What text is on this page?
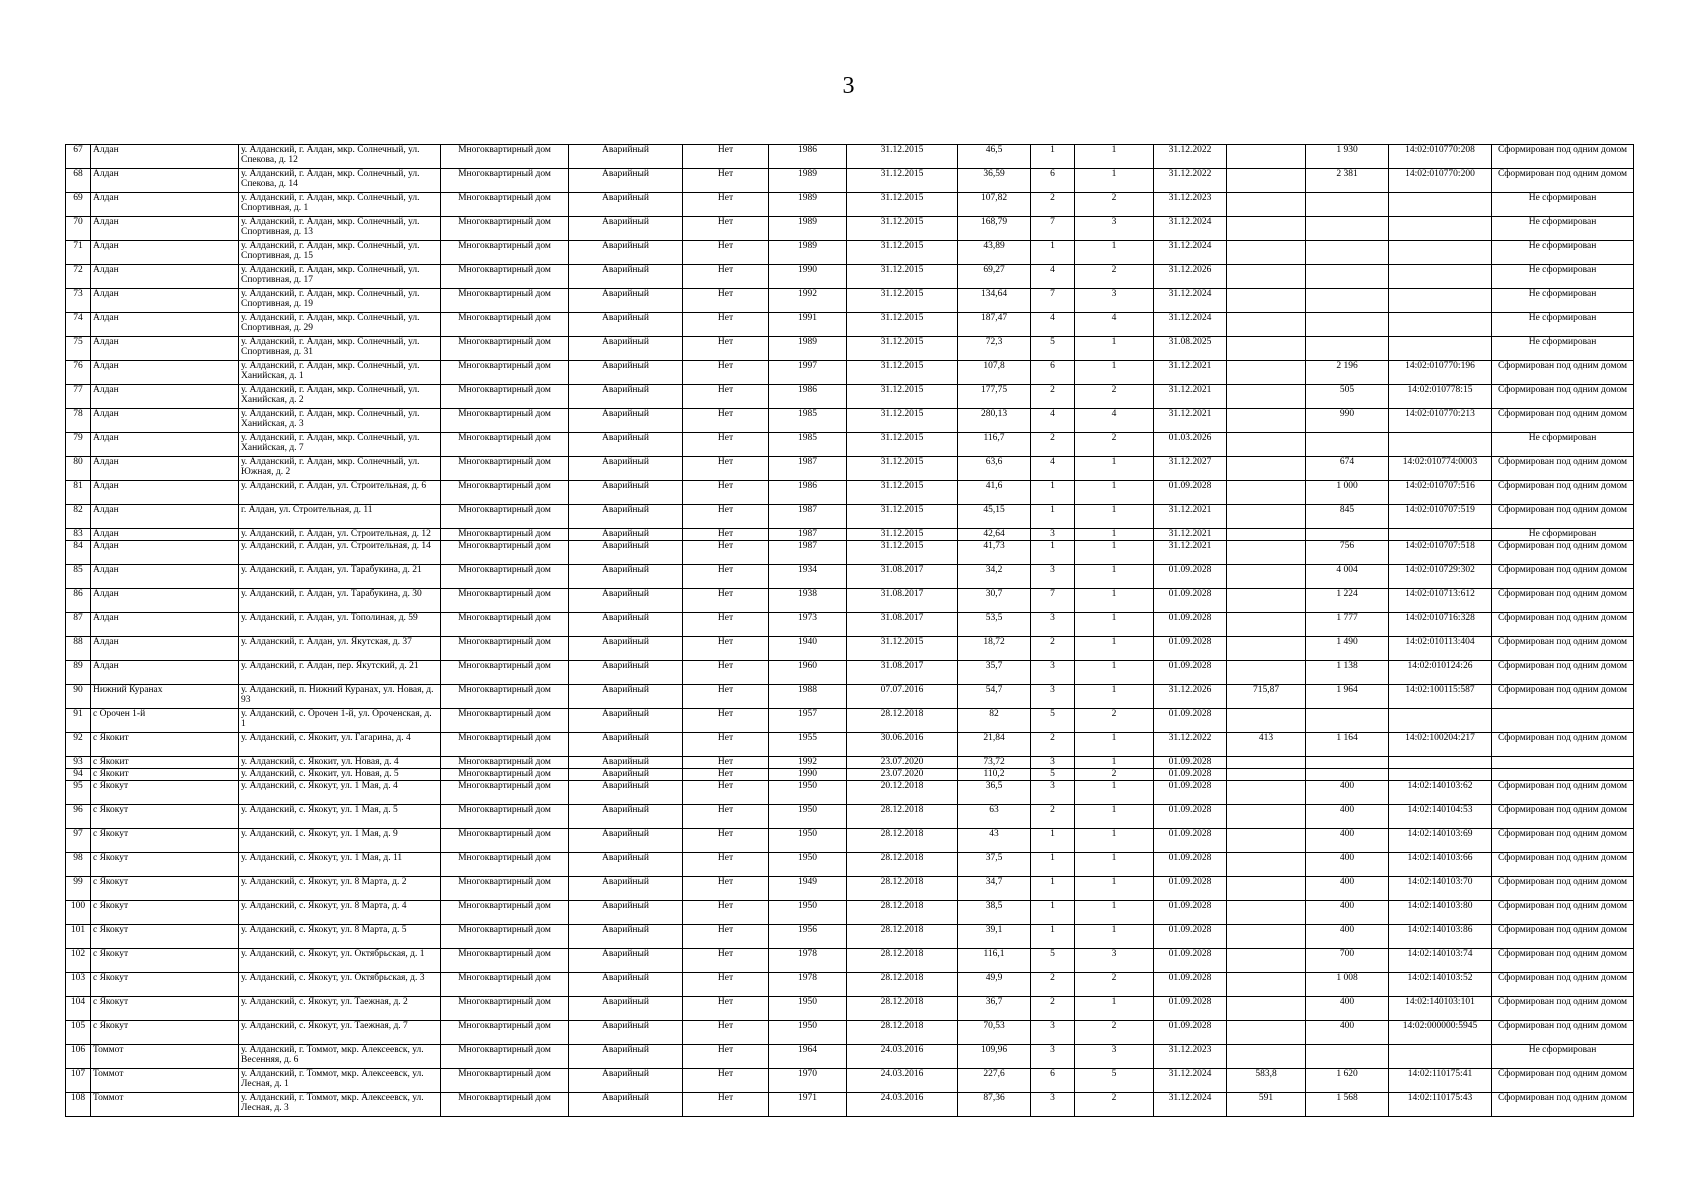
3
67	Алдан	у. Алданский, г. Алдан, мкр. Солнечный, ул. Спекова, д. 12	Многоквартирный дом	Аварийный	Нет	1986	31.12.2015	46,5	1	1	31.12.2022		1 930	14:02:010770:208	Сформирован под одним домом
68	Алдан	у. Алданский, г. Алдан, мкр. Солнечный, ул. Спекова, д. 14	Многоквартирный дом	Аварийный	Нет	1989	31.12.2015	36,59	6	1	31.12.2022		2 381	14:02:010770:200	Сформирован под одним домом
69	Алдан	у. Алданский, г. Алдан, мкр. Солнечный, ул. Спортивная, д. 1	Многоквартирный дом	Аварийный	Нет	1989	31.12.2015	107,82	2	2	31.12.2023				Не сформирован
70	Алдан	у. Алданский, г. Алдан, мкр. Солнечный, ул. Спортивная, д. 13	Многоквартирный дом	Аварийный	Нет	1989	31.12.2015	168,79	7	3	31.12.2024				Не сформирован
71	Алдан	у. Алданский, г. Алдан, мкр. Солнечный, ул. Спортивная, д. 15	Многоквартирный дом	Аварийный	Нет	1989	31.12.2015	43,89	1	1	31.12.2024				Не сформирован
72	Алдан	у. Алданский, г. Алдан, мкр. Солнечный, ул. Спортивная, д. 17	Многоквартирный дом	Аварийный	Нет	1990	31.12.2015	69,27	4	2	31.12.2026				Не сформирован
73	Алдан	у. Алданский, г. Алдан, мкр. Солнечный, ул. Спортивная, д. 19	Многоквартирный дом	Аварийный	Нет	1992	31.12.2015	134,64	7	3	31.12.2024				Не сформирован
74	Алдан	у. Алданский, г. Алдан, мкр. Солнечный, ул. Спортивная, д. 29	Многоквартирный дом	Аварийный	Нет	1991	31.12.2015	187,47	4	4	31.12.2024				Не сформирован
75	Алдан	у. Алданский, г. Алдан, мкр. Солнечный, ул. Спортивная, д. 31	Многоквартирный дом	Аварийный	Нет	1989	31.12.2015	72,3	5	1	31.08.2025				Не сформирован
76	Алдан	у. Алданский, г. Алдан, мкр. Солнечный, ул. Ханийская, д. 1	Многоквартирный дом	Аварийный	Нет	1997	31.12.2015	107,8	6	1	31.12.2021		2 196	14:02:010770:196	Сформирован под одним домом
77	Алдан	у. Алданский, г. Алдан, мкр. Солнечный, ул. Ханийская, д. 2	Многоквартирный дом	Аварийный	Нет	1986	31.12.2015	177,75	2	2	31.12.2021		505	14:02:010778:15	Сформирован под одним домом
78	Алдан	у. Алданский, г. Алдан, мкр. Солнечный, ул. Ханийская, д. 3	Многоквартирный дом	Аварийный	Нет	1985	31.12.2015	280,13	4	4	31.12.2021		990	14:02:010770:213	Сформирован под одним домом
79	Алдан	у. Алданский, г. Алдан, мкр. Солнечный, ул. Ханийская, д. 7	Многоквартирный дом	Аварийный	Нет	1985	31.12.2015	116,7	2	2	01.03.2026				Не сформирован
80	Алдан	у. Алданский, г. Алдан, мкр. Солнечный, ул. Южная, д. 2	Многоквартирный дом	Аварийный	Нет	1987	31.12.2015	63,6	4	1	31.12.2027		674	14:02:010774:0003	Сформирован под одним домом
81	Алдан	у. Алданский, г. Алдан, ул. Строительная, д. 6	Многоквартирный дом	Аварийный	Нет	1986	31.12.2015	41,6	1	1	01.09.2028		1 000	14:02:010707:516	Сформирован под одним домом
82	Алдан	г. Алдан, ул. Строительная, д. 11	Многоквартирный дом	Аварийный	Нет	1987	31.12.2015	45,15	1	1	31.12.2021		845	14:02:010707:519	Сформирован под одним домом
83	Алдан	у. Алданский, г. Алдан, ул. Строительная, д. 12	Многоквартирный дом	Аварийный	Нет	1987	31.12.2015	42,64	3	1	31.12.2021				Не сформирован
84	Алдан	у. Алданский, г. Алдан, ул. Строительная, д. 14	Многоквартирный дом	Аварийный	Нет	1987	31.12.2015	41,73	1	1	31.12.2021		756	14:02:010707:518	Сформирован под одним домом
85	Алдан	у. Алданский, г. Алдан, ул. Тарабукина, д. 21	Многоквартирный дом	Аварийный	Нет	1934	31.08.2017	34,2	3	1	01.09.2028		4 004	14:02:010729:302	Сформирован под одним домом
86	Алдан	у. Алданский, г. Алдан, ул. Тарабукина, д. 30	Многоквартирный дом	Аварийный	Нет	1938	31.08.2017	30,7	7	1	01.09.2028		1 224	14:02:010713:612	Сформирован под одним домом
87	Алдан	у. Алданский, г. Алдан, ул. Тополиная, д. 59	Многоквартирный дом	Аварийный	Нет	1973	31.08.2017	53,5	3	1	01.09.2028		1 777	14:02:010716:328	Сформирован под одним домом
88	Алдан	у. Алданский, г. Алдан, ул. Якутская, д. 37	Многоквартирный дом	Аварийный	Нет	1940	31.12.2015	18,72	2	1	01.09.2028		1 490	14:02:010113:404	Сформирован под одним домом
89	Алдан	у. Алданский, г. Алдан, пер. Якутский, д. 21	Многоквартирный дом	Аварийный	Нет	1960	31.08.2017	35,7	3	1	01.09.2028		1 138	14:02:010124:26	Сформирован под одним домом
90	Нижний Куранах	у. Алданский, п. Нижний Куранах, ул. Новая, д. 93	Многоквартирный дом	Аварийный	Нет	1988	07.07.2016	54,7	3	1	31.12.2026	715,87	1 964	14:02:100115:587	Сформирован под одним домом
91	с Орочен 1-й	у. Алданский, с. Орочен 1-й, ул. Ороченская, д. 1	Многоквартирный дом	Аварийный	Нет	1957	28.12.2018	82	5	2	01.09.2028				
92	с Якокит	у. Алданский, с. Якокит, ул. Гагарина, д. 4	Многоквартирный дом	Аварийный	Нет	1955	30.06.2016	21,84	2	1	31.12.2022	413	1 164	14:02:100204:217	Сформирован под одним домом
93	с Якокит	у. Алданский, с. Якокит, ул. Новая, д. 4	Многоквартирный дом	Аварийный	Нет	1992	23.07.2020	73,72	3	1	01.09.2028				
94	с Якокит	у. Алданский, с. Якокит, ул. Новая, д. 5	Многоквартирный дом	Аварийный	Нет	1990	23.07.2020	110,2	5	2	01.09.2028				
95	с Якокут	у. Алданский, с. Якокут, ул. 1 Мая, д. 4	Многоквартирный дом	Аварийный	Нет	1950	20.12.2018	36,5	3	1	01.09.2028		400	14:02:140103:62	Сформирован под одним домом
96	с Якокут	у. Алданский, с. Якокут, ул. 1 Мая, д. 5	Многоквартирный дом	Аварийный	Нет	1950	28.12.2018	63	2	1	01.09.2028		400	14:02:140104:53	Сформирован под одним домом
97	с Якокут	у. Алданский, с. Якокут, ул. 1 Мая, д. 9	Многоквартирный дом	Аварийный	Нет	1950	28.12.2018	43	1	1	01.09.2028		400	14:02:140103:69	Сформирован под одним домом
98	с Якокут	у. Алданский, с. Якокут, ул. 1 Мая, д. 11	Многоквартирный дом	Аварийный	Нет	1950	28.12.2018	37,5	1	1	01.09.2028		400	14:02:140103:66	Сформирован под одним домом
99	с Якокут	у. Алданский, с. Якокут, ул. 8 Марта, д. 2	Многоквартирный дом	Аварийный	Нет	1949	28.12.2018	34,7	1	1	01.09.2028		400	14:02:140103:70	Сформирован под одним домом
100	с Якокут	у. Алданский, с. Якокут, ул. 8 Марта, д. 4	Многоквартирный дом	Аварийный	Нет	1950	28.12.2018	38,5	1	1	01.09.2028		400	14:02:140103:80	Сформирован под одним домом
101	с Якокут	у. Алданский, с. Якокут, ул. 8 Марта, д. 5	Многоквартирный дом	Аварийный	Нет	1956	28.12.2018	39,1	1	1	01.09.2028		400	14:02:140103:86	Сформирован под одним домом
102	с Якокут	у. Алданский, с. Якокут, ул. Октябрьская, д. 1	Многоквартирный дом	Аварийный	Нет	1978	28.12.2018	116,1	5	3	01.09.2028		700	14:02:140103:74	Сформирован под одним домом
103	с Якокут	у. Алданский, с. Якокут, ул. Октябрьская, д. 3	Многоквартирный дом	Аварийный	Нет	1978	28.12.2018	49,9	2	2	01.09.2028		1 008	14:02:140103:52	Сформирован под одним домом
104	с Якокут	у. Алданский, с. Якокут, ул. Таежная, д. 2	Многоквартирный дом	Аварийный	Нет	1950	28.12.2018	36,7	2	1	01.09.2028		400	14:02:140103:101	Сформирован под одним домом
105	с Якокут	у. Алданский, с. Якокут, ул. Таежная, д. 7	Многоквартирный дом	Аварийный	Нет	1950	28.12.2018	70,53	3	2	01.09.2028		400	14:02:000000:5945	Сформирован под одним домом
106	Томмот	у. Алданский, г. Томмот, мкр. Алексеевск, ул. Весенняя, д. 6	Многоквартирный дом	Аварийный	Нет	1964	24.03.2016	109,96	3	3	31.12.2023				Не сформирован
107	Томмот	у. Алданский, г. Томмот, мкр. Алексеевск, ул. Лесная, д. 1	Многоквартирный дом	Аварийный	Нет	1970	24.03.2016	227,6	6	5	31.12.2024	583,8	1 620	14:02:110175:41	Сформирован под одним домом
108	Томмот	у. Алданский, г. Томмот, мкр. Алексеевск, ул. Лесная, д. 3	Многоквартирный дом	Аварийный	Нет	1971	24.03.2016	87,36	3	2	31.12.2024	591	1 568	14:02:110175:43	Сформирован под одним домом
